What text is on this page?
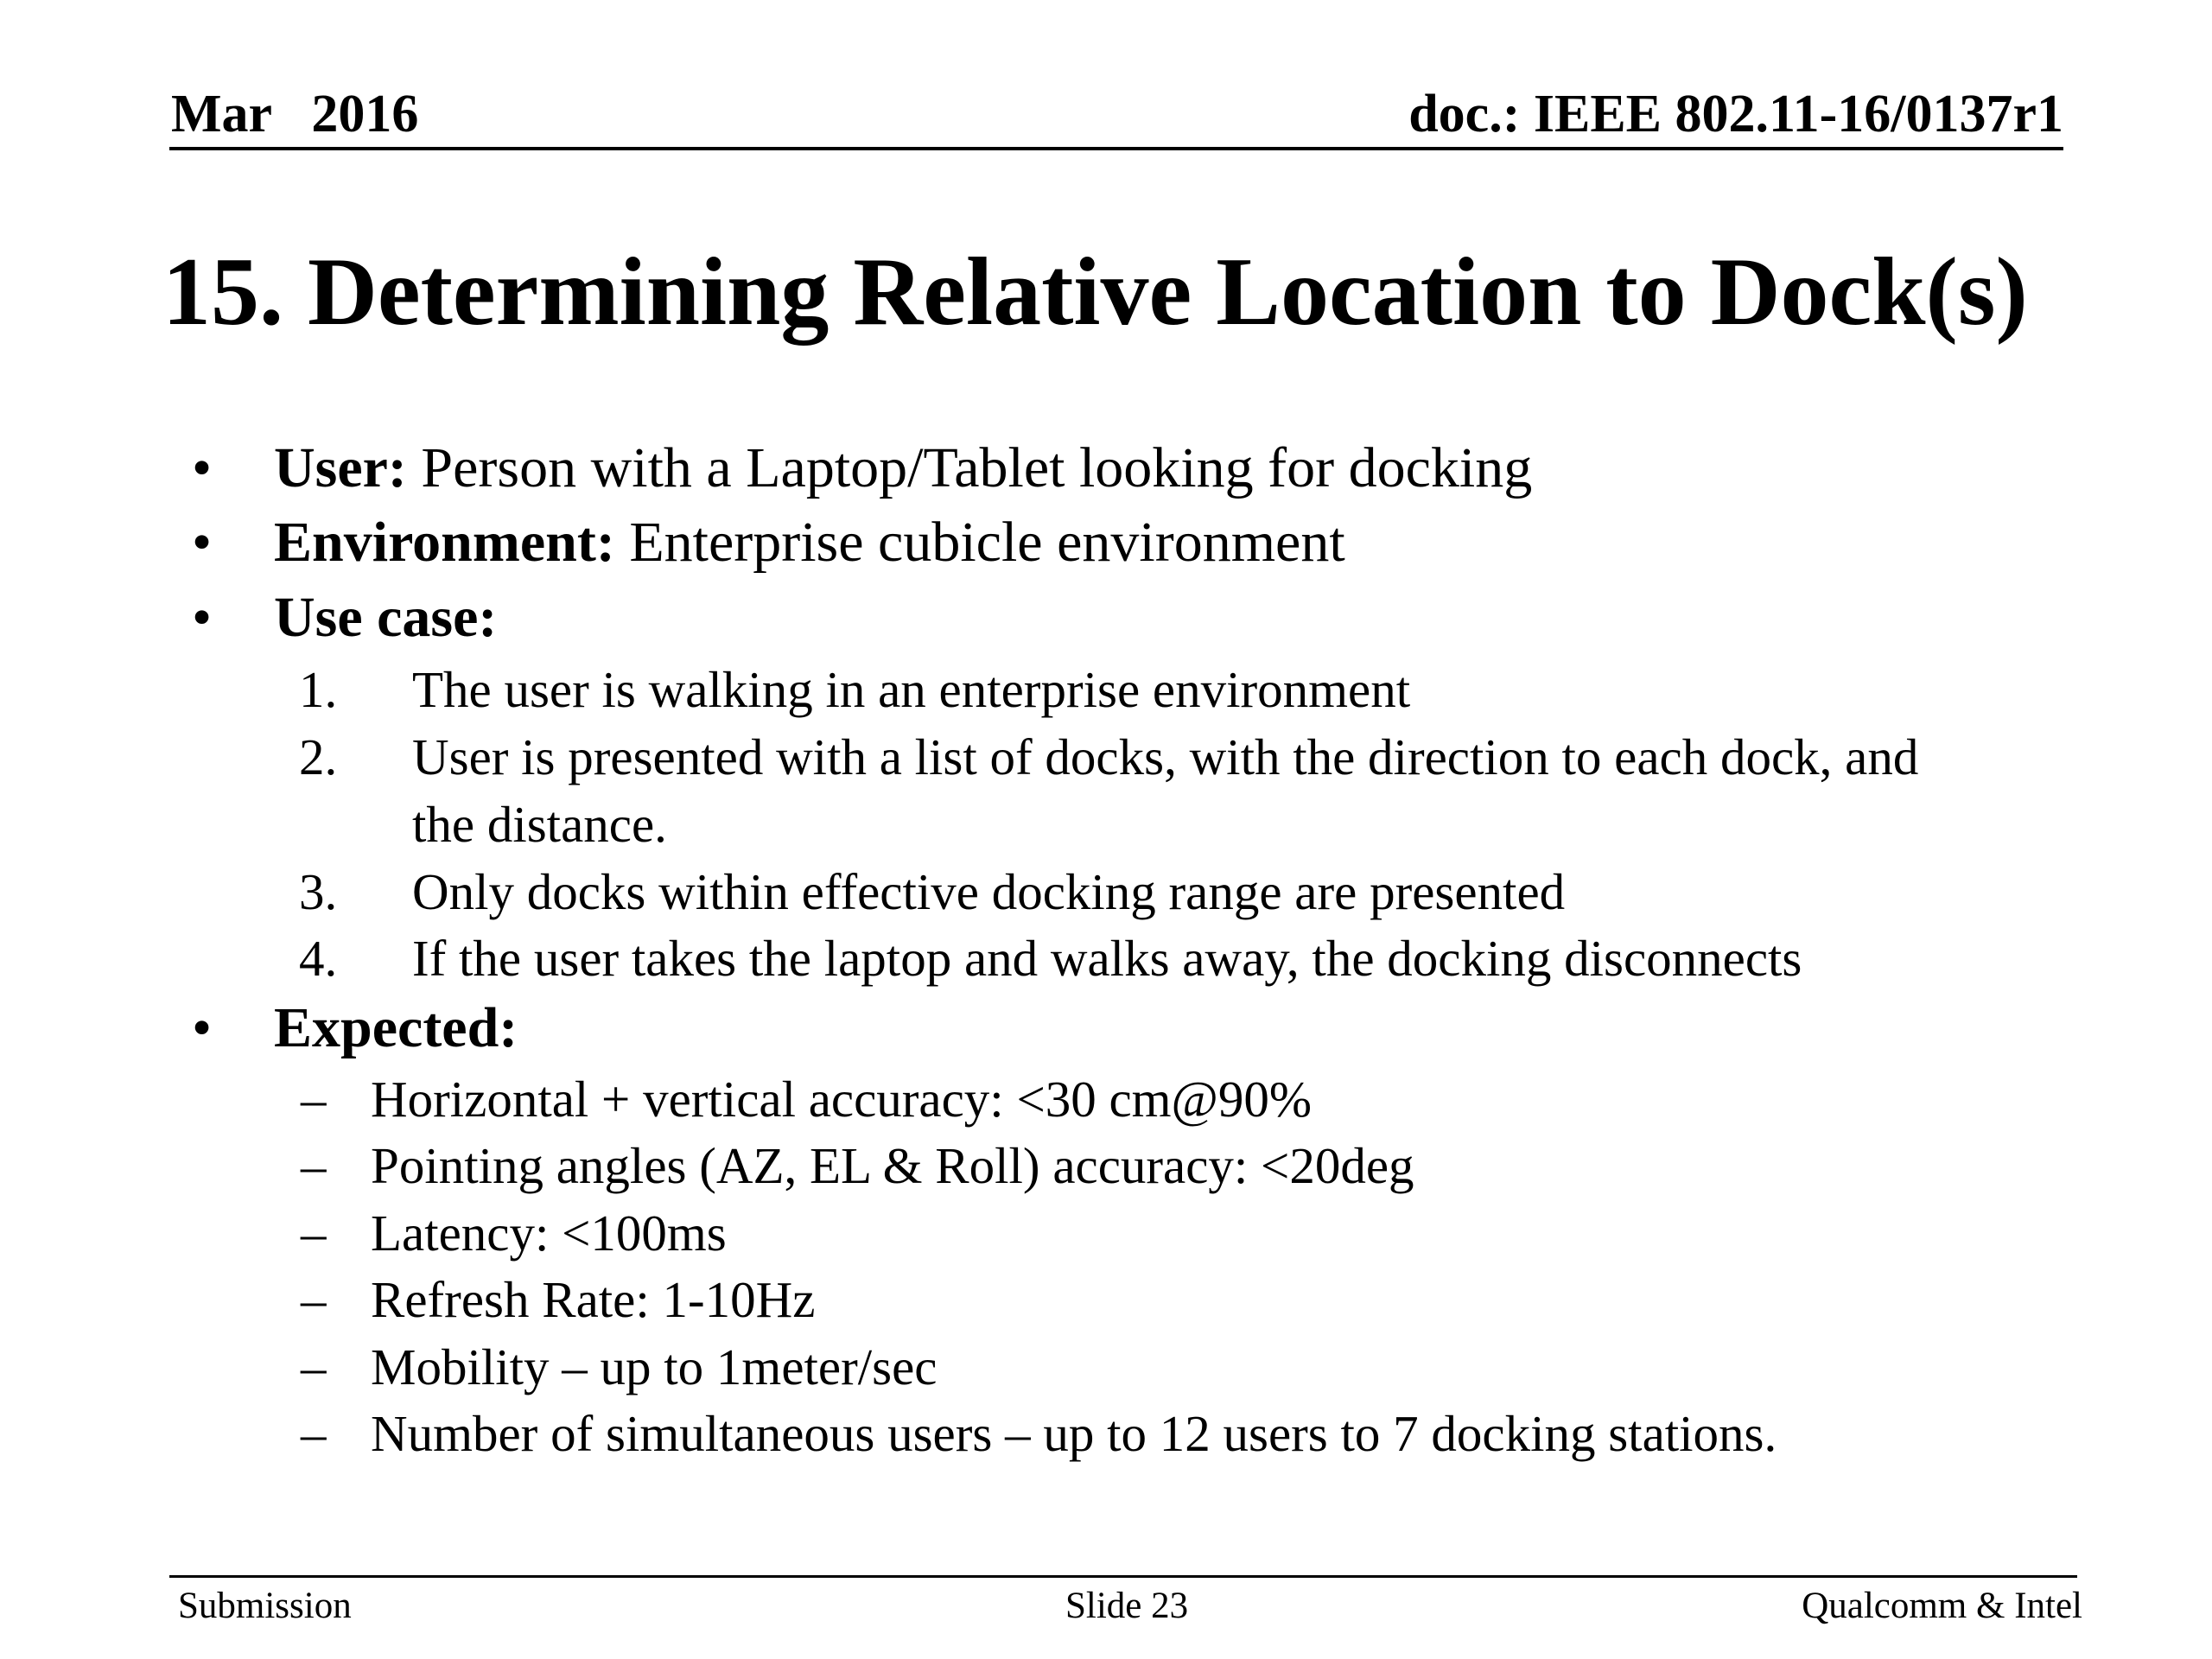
Mar   2016	doc.: IEEE 802.11-16/0137r1
15. Determining Relative Location to Dock(s)
• User: Person with a Laptop/Tablet looking for docking
• Environment: Enterprise cubicle environment
• Use case:
1. The user is walking in an enterprise environment
2. User is presented with a list of docks, with the direction to each dock, and
the distance.
3. Only docks within effective docking range are presented
4. If the user takes the laptop and walks away, the docking disconnects
• Expected:
– Horizontal + vertical accuracy: <30 cm@90%
– Pointing angles (AZ, EL & Roll) accuracy: <20deg
– Latency: <100ms
– Refresh Rate: 1-10Hz
– Mobility – up to 1meter/sec
– Number of simultaneous users – up to 12 users to 7 docking stations.
Submission	Slide 23	Qualcomm & Intel
